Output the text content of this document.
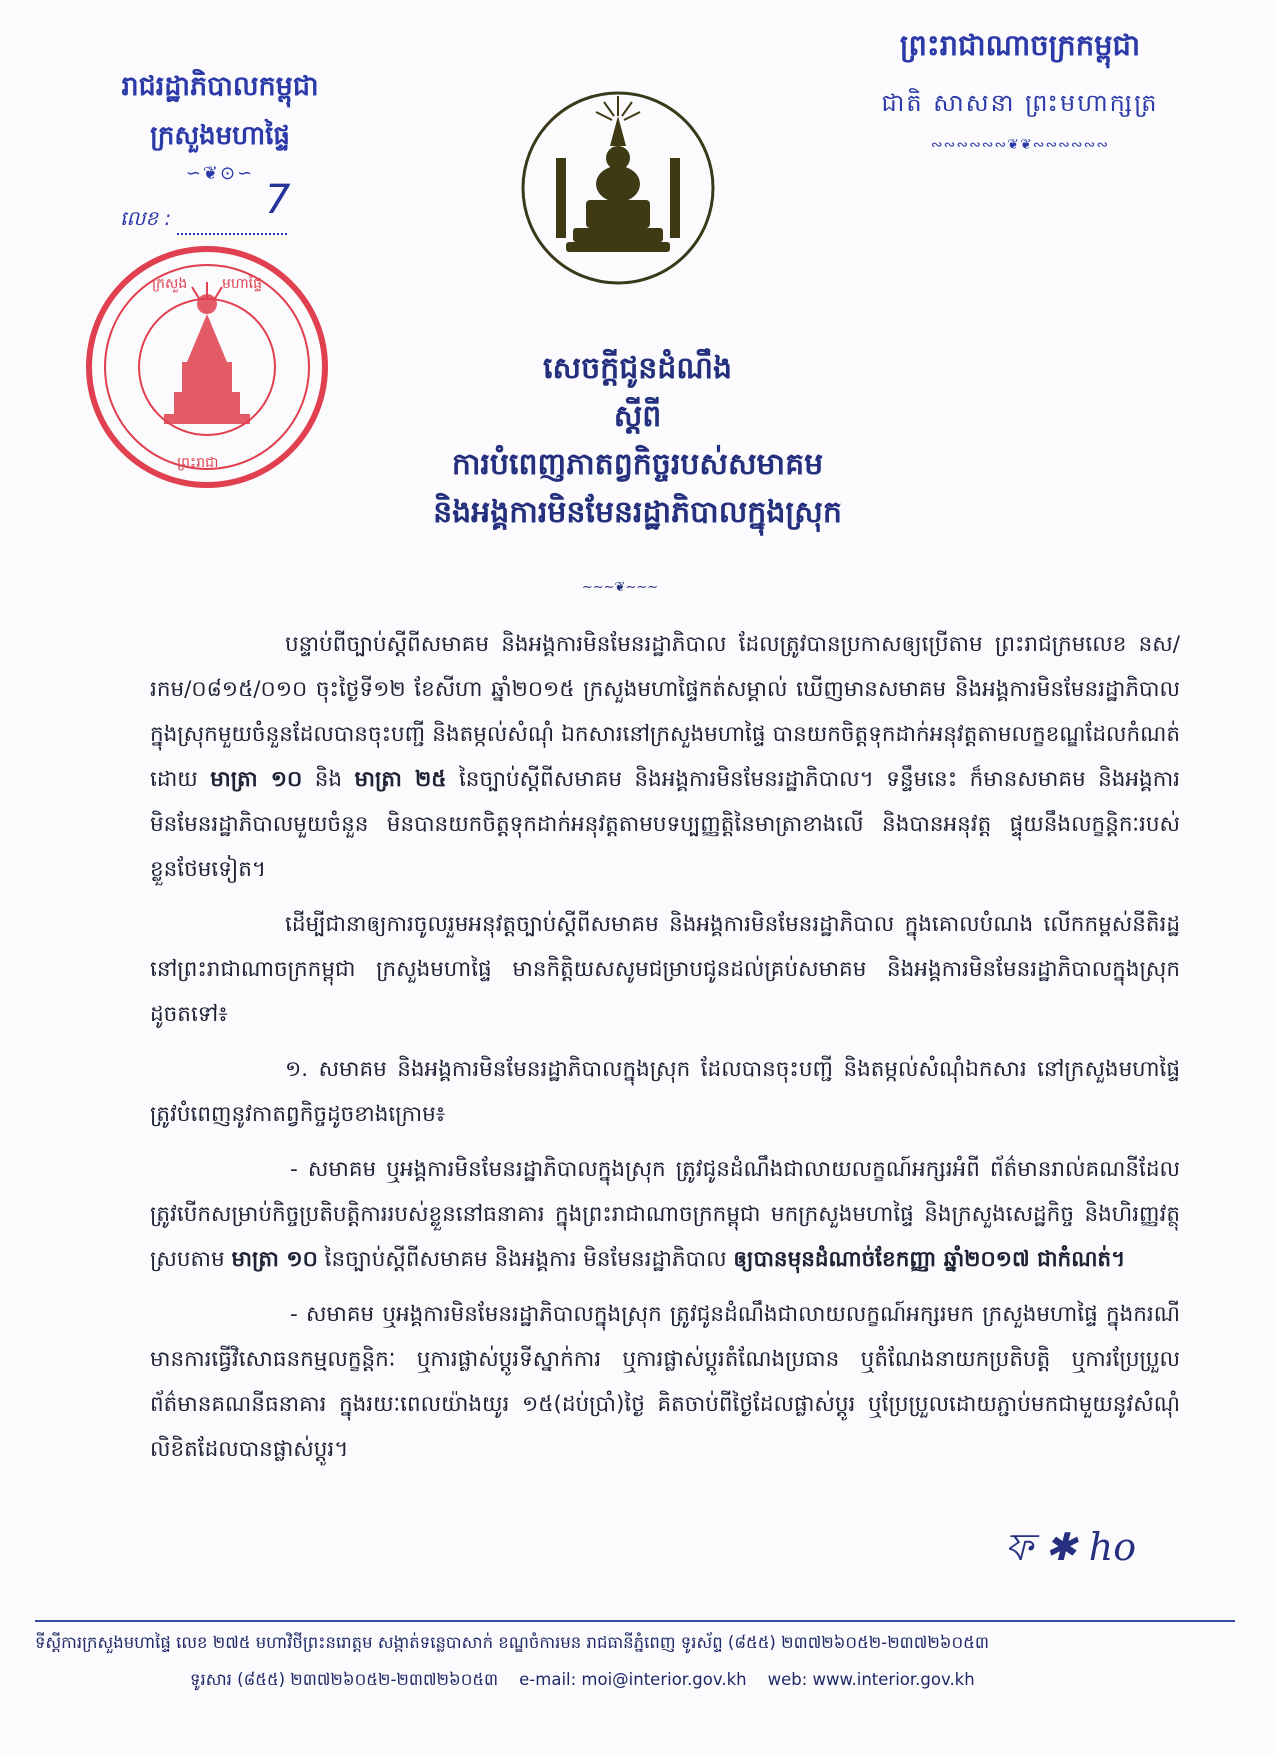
រាជរដ្ឋាភិបាលកម្ពុជា
ក្រសួងមហាផ្ទៃ
∽❦⊙∽
លេខ : 7
ក្រសួង មហាផ្ទៃ
ព្រះរាជា
ព្រះរាជាណាចក្រកម្ពុជា
ជាតិ សាសនា ព្រះមហាក្សត្រ
∾∾∾∾∾∾❦❦∾∾∾∾∾∾
សេចក្តីជូនដំណឹង
ស្តីពី
ការបំពេញភាតព្វកិច្ចរបស់សមាគម
និងអង្គការមិនមែនរដ្ឋាភិបាលក្នុងស្រុក
∼∼∼❦∼∼∼

បន្ទាប់ពីច្បាប់ស្តីពីសមាគម និងអង្គការមិនមែនរដ្ឋាភិបាល ដែលត្រូវបានប្រកាសឲ្យប្រើតាម ព្រះរាជក្រមលេខ នស/រកម/០៨១៥/០១០ ចុះថ្ងៃទី១២ ខែសីហា ឆ្នាំ២០១៥ ក្រសួងមហាផ្ទៃកត់សម្គាល់ ឃើញមានសមាគម និងអង្គការមិនមែនរដ្ឋាភិបាលក្នុងស្រុកមួយចំនួនដែលបានចុះបញ្ជី និងតម្កល់សំណុំ ឯកសារនៅក្រសួងមហាផ្ទៃ បានយកចិត្តទុកដាក់អនុវត្តតាមលក្ខខណ្ឌដែលកំណត់ដោយ មាត្រា ១០ និង មាត្រា ២៥ នៃច្បាប់ស្តីពីសមាគម និងអង្គការមិនមែនរដ្ឋាភិបាល។ ទន្ទឹមនេះ ក៏មានសមាគម និងអង្គការ មិនមែនរដ្ឋាភិបាលមួយចំនួន មិនបានយកចិត្តទុកដាក់អនុវត្តតាមបទប្បញ្ញត្តិនៃមាត្រាខាងលើ និងបានអនុវត្ត ផ្ទុយនឹងលក្ខន្តិកៈរបស់ខ្លួនថែមទៀត។

ដើម្បីជានាឲ្យការចូលរួមអនុវត្តច្បាប់ស្តីពីសមាគម និងអង្គការមិនមែនរដ្ឋាភិបាល ក្នុងគោលបំណង លើកកម្ពស់នីតិរដ្ឋនៅព្រះរាជាណាចក្រកម្ពុជា ក្រសួងមហាផ្ទៃ មានកិត្តិយសសូមជម្រាបជូនដល់គ្រប់សមាគម និងអង្គការមិនមែនរដ្ឋាភិបាលក្នុងស្រុក ដូចតទៅ៖

១. សមាគម និងអង្គការមិនមែនរដ្ឋាភិបាលក្នុងស្រុក ដែលបានចុះបញ្ជី និងតម្កល់សំណុំឯកសារ នៅក្រសួងមហាផ្ទៃ ត្រូវបំពេញនូវកាតព្វកិច្ចដូចខាងក្រោម៖

- សមាគម ឬអង្គការមិនមែនរដ្ឋាភិបាលក្នុងស្រុក ត្រូវជូនដំណឹងជាលាយលក្ខណ៍អក្សរអំពី ព័ត៌មានរាល់គណនីដែលត្រូវបើកសម្រាប់កិច្ចប្រតិបត្តិការរបស់ខ្លួននៅធនាគារ ក្នុងព្រះរាជាណាចក្រកម្ពុជា មកក្រសួងមហាផ្ទៃ និងក្រសួងសេដ្ឋកិច្ច និងហិរញ្ញវត្ថុ ស្របតាម មាត្រា ១០ នៃច្បាប់ស្តីពីសមាគម និងអង្គការ មិនមែនរដ្ឋាភិបាល ឲ្យបានមុនដំណាច់ខែកញ្ញា ឆ្នាំ២០១៧ ជាកំណត់។

- សមាគម ឬអង្គការមិនមែនរដ្ឋាភិបាលក្នុងស្រុក ត្រូវជូនដំណឹងជាលាយលក្ខណ៍អក្សរមក ក្រសួងមហាផ្ទៃ ក្នុងករណីមានការធ្វើវិសោធនកម្មលក្ខន្តិកៈ ឬការផ្លាស់ប្តូរទីស្នាក់ការ ឬការផ្លាស់ប្តូរតំណែងប្រធាន ឬតំណែងនាយកប្រតិបត្តិ ឬការប្រែប្រួលព័ត៌មានគណនីធនាគារ ក្នុងរយៈពេលយ៉ាងយូរ ១៥(ដប់ប្រាំ)ថ្ងៃ គិតចាប់ពីថ្ងៃដែលផ្លាស់ប្តូរ ឬប្រែប្រួលដោយភ្ជាប់មកជាមួយនូវសំណុំលិខិតដែលបានផ្លាស់ប្តូរ។

ফ ✱ ho
ទីស្តីការក្រសួងមហាផ្ទៃ លេខ ២៧៥ មហាវិថីព្រះនរោត្តម សង្កាត់ទន្លេបាសាក់ ខណ្ឌចំការមន រាជធានីភ្នំពេញ ទូរស័ព្ទ (៨៥៥) ២៣៧២៦០៥២-២៣៧២៦០៥៣
ទូរសារ (៨៥៥) ២៣៧២៦០៥២-២៣៧២៦០៥៣ e-mail: moi@interior.gov.kh web: www.interior.gov.kh
